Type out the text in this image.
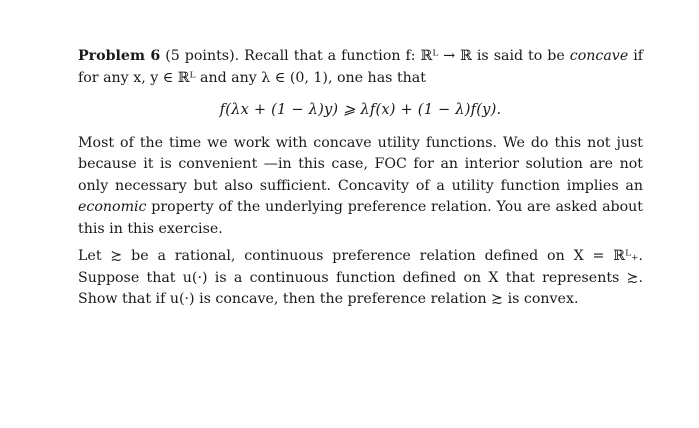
Problem 6 (5 points). Recall that a function f: ℝᴸ → ℝ is said to be concave if for any x, y ∈ ℝᴸ and any λ ∈ (0, 1), one has that

f(λx + (1 − λ)y) ⩾ λf(x) + (1 − λ)f(y).

Most of the time we work with concave utility functions. We do this not just because it is convenient —in this case, FOC for an interior solution are not only necessary but also sufficient. Concavity of a utility function implies an economic property of the underlying preference relation. You are asked about this in this exercise.

Let ≿ be a rational, continuous preference relation defined on X = ℝᴸ₊. Suppose that u(·) is a continuous function defined on X that represents ≿. Show that if u(·) is concave, then the preference relation ≿ is convex.
